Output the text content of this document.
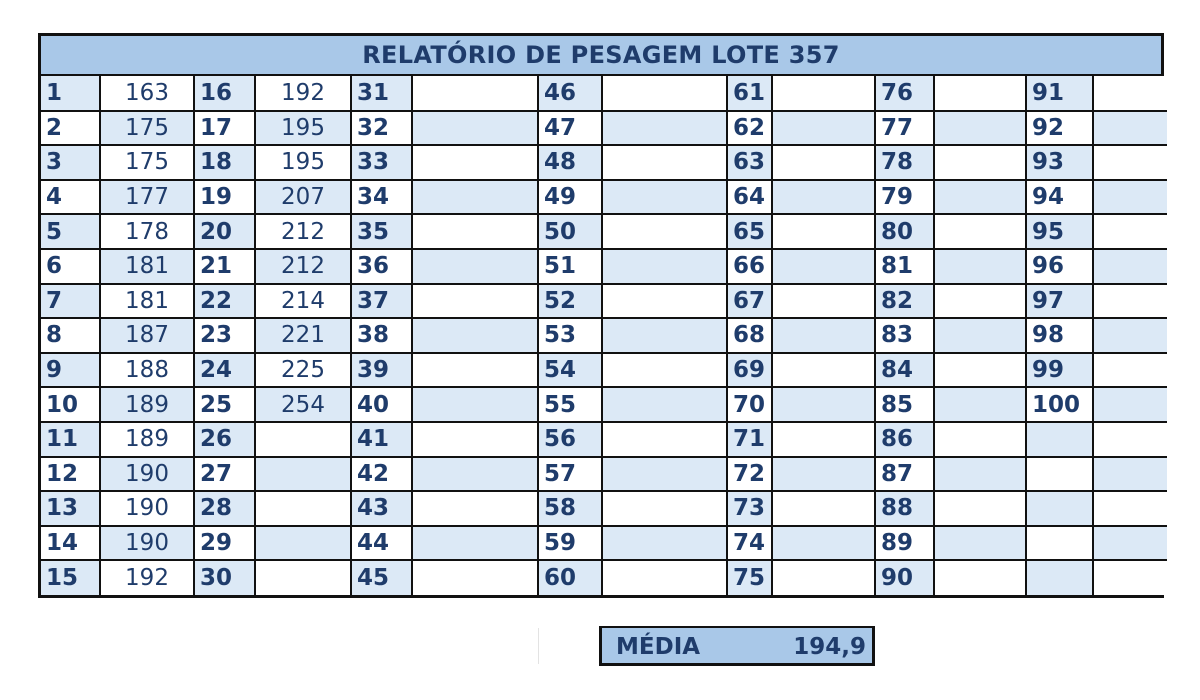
RELATÓRIO DE PESAGEM LOTE 357
1	163	16	192	31		46		61		76		91	
2	175	17	195	32		47		62		77		92	
3	175	18	195	33		48		63		78		93	
4	177	19	207	34		49		64		79		94	
5	178	20	212	35		50		65		80		95	
6	181	21	212	36		51		66		81		96	
7	181	22	214	37		52		67		82		97	
8	187	23	221	38		53		68		83		98	
9	188	24	225	39		54		69		84		99	
10	189	25	254	40		55		70		85		100	
11	189	26		41		56		71		86			
12	190	27		42		57		72		87			
13	190	28		43		58		73		88			
14	190	29		44		59		74		89			
15	192	30		45		60		75		90			
MÉDIA	194,9
